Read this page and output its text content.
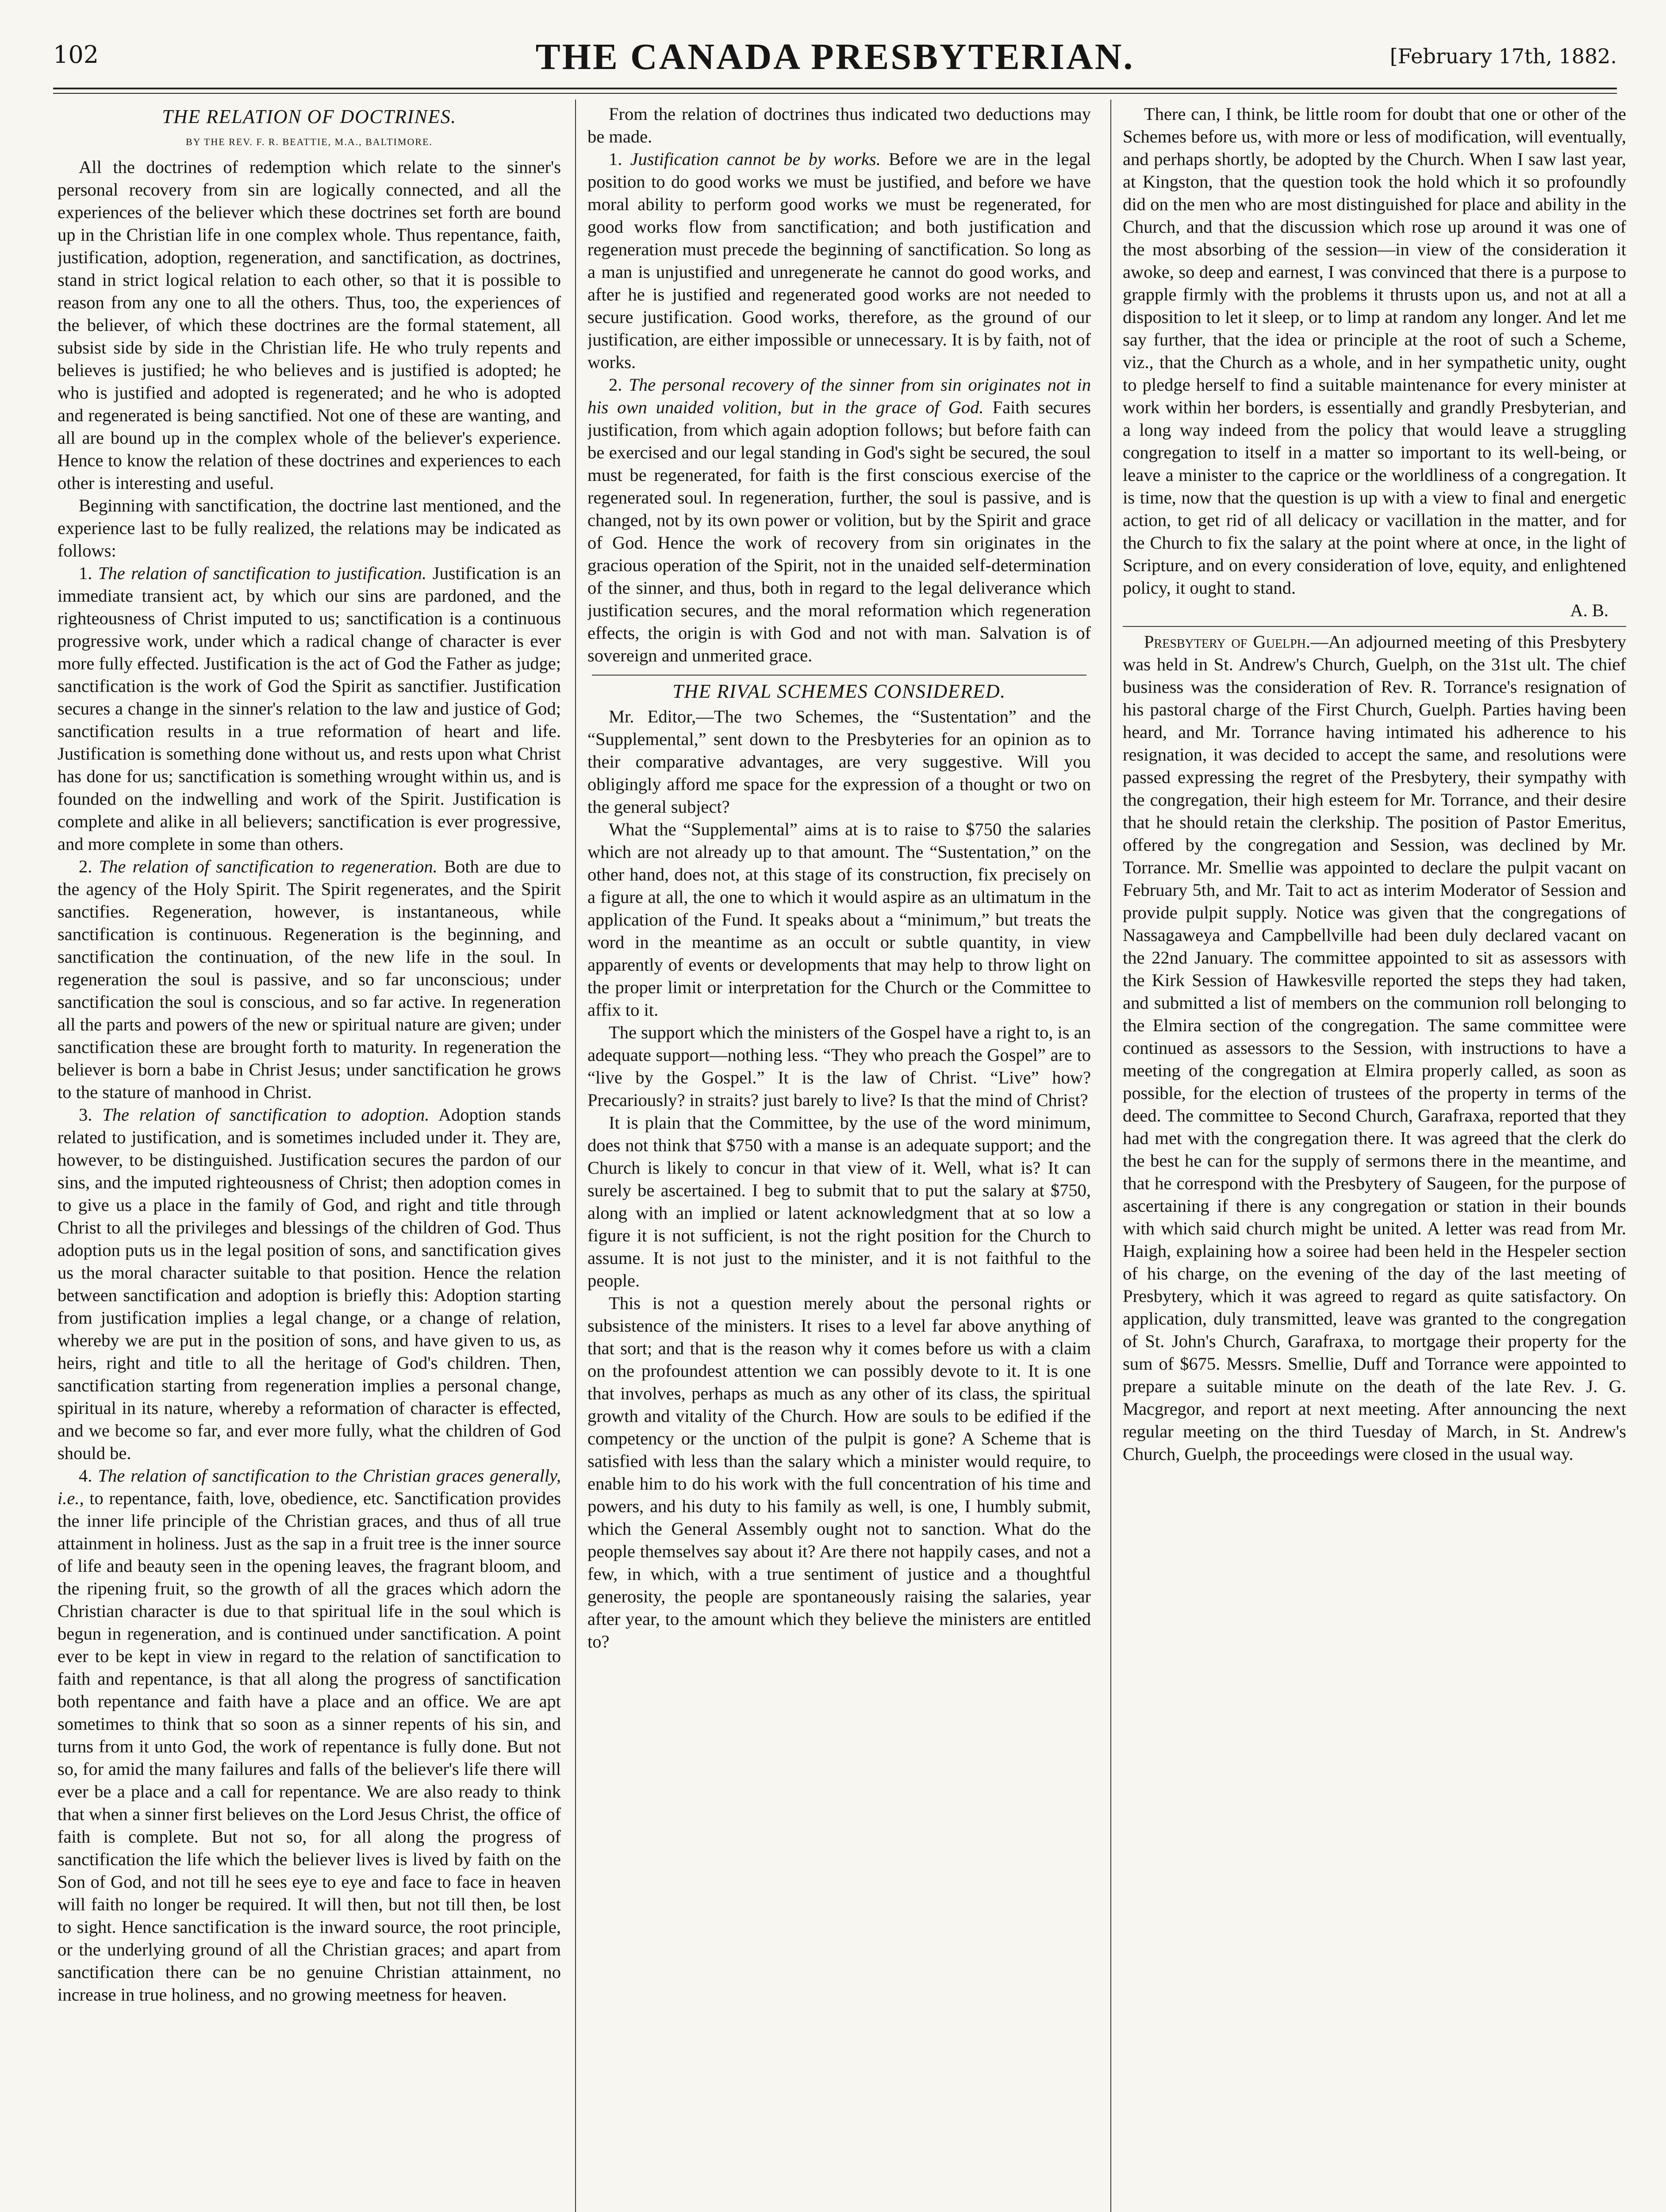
102	THE CANADA PRESBYTERIAN.	[February 17th, 1882.
THE RELATION OF DOCTRINES.
BY THE REV. F. R. BEATTIE, M.A., BALTIMORE.

All the doctrines of redemption which relate to the sinner's personal recovery from sin are logically connected, and all the experiences of the believer which these doctrines set forth are bound up in the Christian life in one complex whole. Thus repentance, faith, justification, adoption, regeneration, and sanctification, as doctrines, stand in strict logical relation to each other, so that it is possible to reason from any one to all the others. Thus, too, the experiences of the believer, of which these doctrines are the formal statement, all subsist side by side in the Christian life. He who truly repents and believes is justified; he who believes and is justified is adopted; he who is justified and adopted is regenerated; and he who is adopted and regenerated is being sanctified. Not one of these are wanting, and all are bound up in the complex whole of the believer's experience. Hence to know the relation of these doctrines and experiences to each other is interesting and useful.

Beginning with sanctification, the doctrine last mentioned, and the experience last to be fully realized, the relations may be indicated as follows:

1. The relation of sanctification to justification. Justification is an immediate transient act, by which our sins are pardoned, and the righteousness of Christ imputed to us; sanctification is a continuous progressive work, under which a radical change of character is ever more fully effected. Justification is the act of God the Father as judge; sanctification is the work of God the Spirit as sanctifier. Justification secures a change in the sinner's relation to the law and justice of God; sanctification results in a true reformation of heart and life. Justification is something done without us, and rests upon what Christ has done for us; sanctification is something wrought within us, and is founded on the indwelling and work of the Spirit. Justification is complete and alike in all believers; sanctification is ever progressive, and more complete in some than others.

2. The relation of sanctification to regeneration. Both are due to the agency of the Holy Spirit. The Spirit regenerates, and the Spirit sanctifies. Regeneration, however, is instantaneous, while sanctification is continuous. Regeneration is the beginning, and sanctification the continuation, of the new life in the soul. In regeneration the soul is passive, and so far unconscious; under sanctification the soul is conscious, and so far active. In regeneration all the parts and powers of the new or spiritual nature are given; under sanctification these are brought forth to maturity. In regeneration the believer is born a babe in Christ Jesus; under sanctification he grows to the stature of manhood in Christ.

3. The relation of sanctification to adoption. Adoption stands related to justification, and is sometimes included under it. They are, however, to be distinguished. Justification secures the pardon of our sins, and the imputed righteousness of Christ; then adoption comes in to give us a place in the family of God, and right and title through Christ to all the privileges and blessings of the children of God. Thus adoption puts us in the legal position of sons, and sanctification gives us the moral character suitable to that position. Hence the relation between sanctification and adoption is briefly this: Adoption starting from justification implies a legal change, or a change of relation, whereby we are put in the position of sons, and have given to us, as heirs, right and title to all the heritage of God's children. Then, sanctification starting from regeneration implies a personal change, spiritual in its nature, whereby a reformation of character is effected, and we become so far, and ever more fully, what the children of God should be.

4. The relation of sanctification to the Christian graces generally, i.e., to repentance, faith, love, obedience, etc. Sanctification provides the inner life principle of the Christian graces, and thus of all true attainment in holiness. Just as the sap in a fruit tree is the inner source of life and beauty seen in the opening leaves, the fragrant bloom, and the ripening fruit, so the growth of all the graces which adorn the Christian character is due to that spiritual life in the soul which is begun in regeneration, and is continued under sanctification. A point ever to be kept in view in regard to the relation of sanctification to faith and repentance, is that all along the progress of sanctification both repentance and faith have a place and an office. We are apt sometimes to think that so soon as a sinner repents of his sin, and turns from it unto God, the work of repentance is fully done. But not so, for amid the many failures and falls of the believer's life there will ever be a place and a call for repentance. We are also ready to think that when a sinner first believes on the Lord Jesus Christ, the office of faith is complete. But not so, for all along the progress of sanctification the life which the believer lives is lived by faith on the Son of God, and not till he sees eye to eye and face to face in heaven will faith no longer be required. It will then, but not till then, be lost to sight. Hence sanctification is the inward source, the root principle, or the underlying ground of all the Christian graces; and apart from sanctification there can be no genuine Christian attainment, no increase in true holiness, and no growing meetness for heaven.

From the relation of doctrines thus indicated two deductions may be made.

1. Justification cannot be by works. Before we are in the legal position to do good works we must be justified, and before we have moral ability to perform good works we must be regenerated, for good works flow from sanctification; and both justification and regeneration must precede the beginning of sanctification. So long as a man is unjustified and unregenerate he cannot do good works, and after he is justified and regenerated good works are not needed to secure justification. Good works, therefore, as the ground of our justification, are either impossible or unnecessary. It is by faith, not of works.

2. The personal recovery of the sinner from sin originates not in his own unaided volition, but in the grace of God. Faith secures justification, from which again adoption follows; but before faith can be exercised and our legal standing in God's sight be secured, the soul must be regenerated, for faith is the first conscious exercise of the regenerated soul. In regeneration, further, the soul is passive, and is changed, not by its own power or volition, but by the Spirit and grace of God. Hence the work of recovery from sin originates in the gracious operation of the Spirit, not in the unaided self-determination of the sinner, and thus, both in regard to the legal deliverance which justification secures, and the moral reformation which regeneration effects, the origin is with God and not with man. Salvation is of sovereign and unmerited grace.

THE RIVAL SCHEMES CONSIDERED.

Mr. Editor,—The two Schemes, the “Sustentation” and the “Supplemental,” sent down to the Presbyteries for an opinion as to their comparative advantages, are very suggestive. Will you obligingly afford me space for the expression of a thought or two on the general subject?

What the “Supplemental” aims at is to raise to $750 the salaries which are not already up to that amount. The “Sustentation,” on the other hand, does not, at this stage of its construction, fix precisely on a figure at all, the one to which it would aspire as an ultimatum in the application of the Fund. It speaks about a “minimum,” but treats the word in the meantime as an occult or subtle quantity, in view apparently of events or developments that may help to throw light on the proper limit or interpretation for the Church or the Committee to affix to it.

The support which the ministers of the Gospel have a right to, is an adequate support—nothing less. “They who preach the Gospel” are to “live by the Gospel.” It is the law of Christ. “Live” how? Precariously? in straits? just barely to live? Is that the mind of Christ?

It is plain that the Committee, by the use of the word minimum, does not think that $750 with a manse is an adequate support; and the Church is likely to concur in that view of it. Well, what is? It can surely be ascertained. I beg to submit that to put the salary at $750, along with an implied or latent acknowledgment that at so low a figure it is not sufficient, is not the right position for the Church to assume. It is not just to the minister, and it is not faithful to the people.

This is not a question merely about the personal rights or subsistence of the ministers. It rises to a level far above anything of that sort; and that is the reason why it comes before us with a claim on the profoundest attention we can possibly devote to it. It is one that involves, perhaps as much as any other of its class, the spiritual growth and vitality of the Church. How are souls to be edified if the competency or the unction of the pulpit is gone? A Scheme that is satisfied with less than the salary which a minister would require, to enable him to do his work with the full concentration of his time and powers, and his duty to his family as well, is one, I humbly submit, which the General Assembly ought not to sanction. What do the people themselves say about it? Are there not happily cases, and not a few, in which, with a true sentiment of justice and a thoughtful generosity, the people are spontaneously raising the salaries, year after year, to the amount which they believe the ministers are entitled to?

There can, I think, be little room for doubt that one or other of the Schemes before us, with more or less of modification, will eventually, and perhaps shortly, be adopted by the Church. When I saw last year, at Kingston, that the question took the hold which it so profoundly did on the men who are most distinguished for place and ability in the Church, and that the discussion which rose up around it was one of the most absorbing of the session—in view of the consideration it awoke, so deep and earnest, I was convinced that there is a purpose to grapple firmly with the problems it thrusts upon us, and not at all a disposition to let it sleep, or to limp at random any longer. And let me say further, that the idea or principle at the root of such a Scheme, viz., that the Church as a whole, and in her sympathetic unity, ought to pledge herself to find a suitable maintenance for every minister at work within her borders, is essentially and grandly Presbyterian, and a long way indeed from the policy that would leave a struggling congregation to itself in a matter so important to its well-being, or leave a minister to the caprice or the worldliness of a congregation. It is time, now that the question is up with a view to final and energetic action, to get rid of all delicacy or vacillation in the matter, and for the Church to fix the salary at the point where at once, in the light of Scripture, and on every consideration of love, equity, and enlightened policy, it ought to stand.

A. B.

Presbytery of Guelph.—An adjourned meeting of this Presbytery was held in St. Andrew's Church, Guelph, on the 31st ult. The chief business was the consideration of Rev. R. Torrance's resignation of his pastoral charge of the First Church, Guelph. Parties having been heard, and Mr. Torrance having intimated his adherence to his resignation, it was decided to accept the same, and resolutions were passed expressing the regret of the Presbytery, their sympathy with the congregation, their high esteem for Mr. Torrance, and their desire that he should retain the clerkship. The position of Pastor Emeritus, offered by the congregation and Session, was declined by Mr. Torrance. Mr. Smellie was appointed to declare the pulpit vacant on February 5th, and Mr. Tait to act as interim Moderator of Session and provide pulpit supply. Notice was given that the congregations of Nassagaweya and Campbellville had been duly declared vacant on the 22nd January. The committee appointed to sit as assessors with the Kirk Session of Hawkesville reported the steps they had taken, and submitted a list of members on the communion roll belonging to the Elmira section of the congregation. The same committee were continued as assessors to the Session, with instructions to have a meeting of the congregation at Elmira properly called, as soon as possible, for the election of trustees of the property in terms of the deed. The committee to Second Church, Garafraxa, reported that they had met with the congregation there. It was agreed that the clerk do the best he can for the supply of sermons there in the meantime, and that he correspond with the Presbytery of Saugeen, for the purpose of ascertaining if there is any congregation or station in their bounds with which said church might be united. A letter was read from Mr. Haigh, explaining how a soiree had been held in the Hespeler section of his charge, on the evening of the day of the last meeting of Presbytery, which it was agreed to regard as quite satisfactory. On application, duly transmitted, leave was granted to the congregation of St. John's Church, Garafraxa, to mortgage their property for the sum of $675. Messrs. Smellie, Duff and Torrance were appointed to prepare a suitable minute on the death of the late Rev. J. G. Macgregor, and report at next meeting. After announcing the next regular meeting on the third Tuesday of March, in St. Andrew's Church, Guelph, the proceedings were closed in the usual way.
